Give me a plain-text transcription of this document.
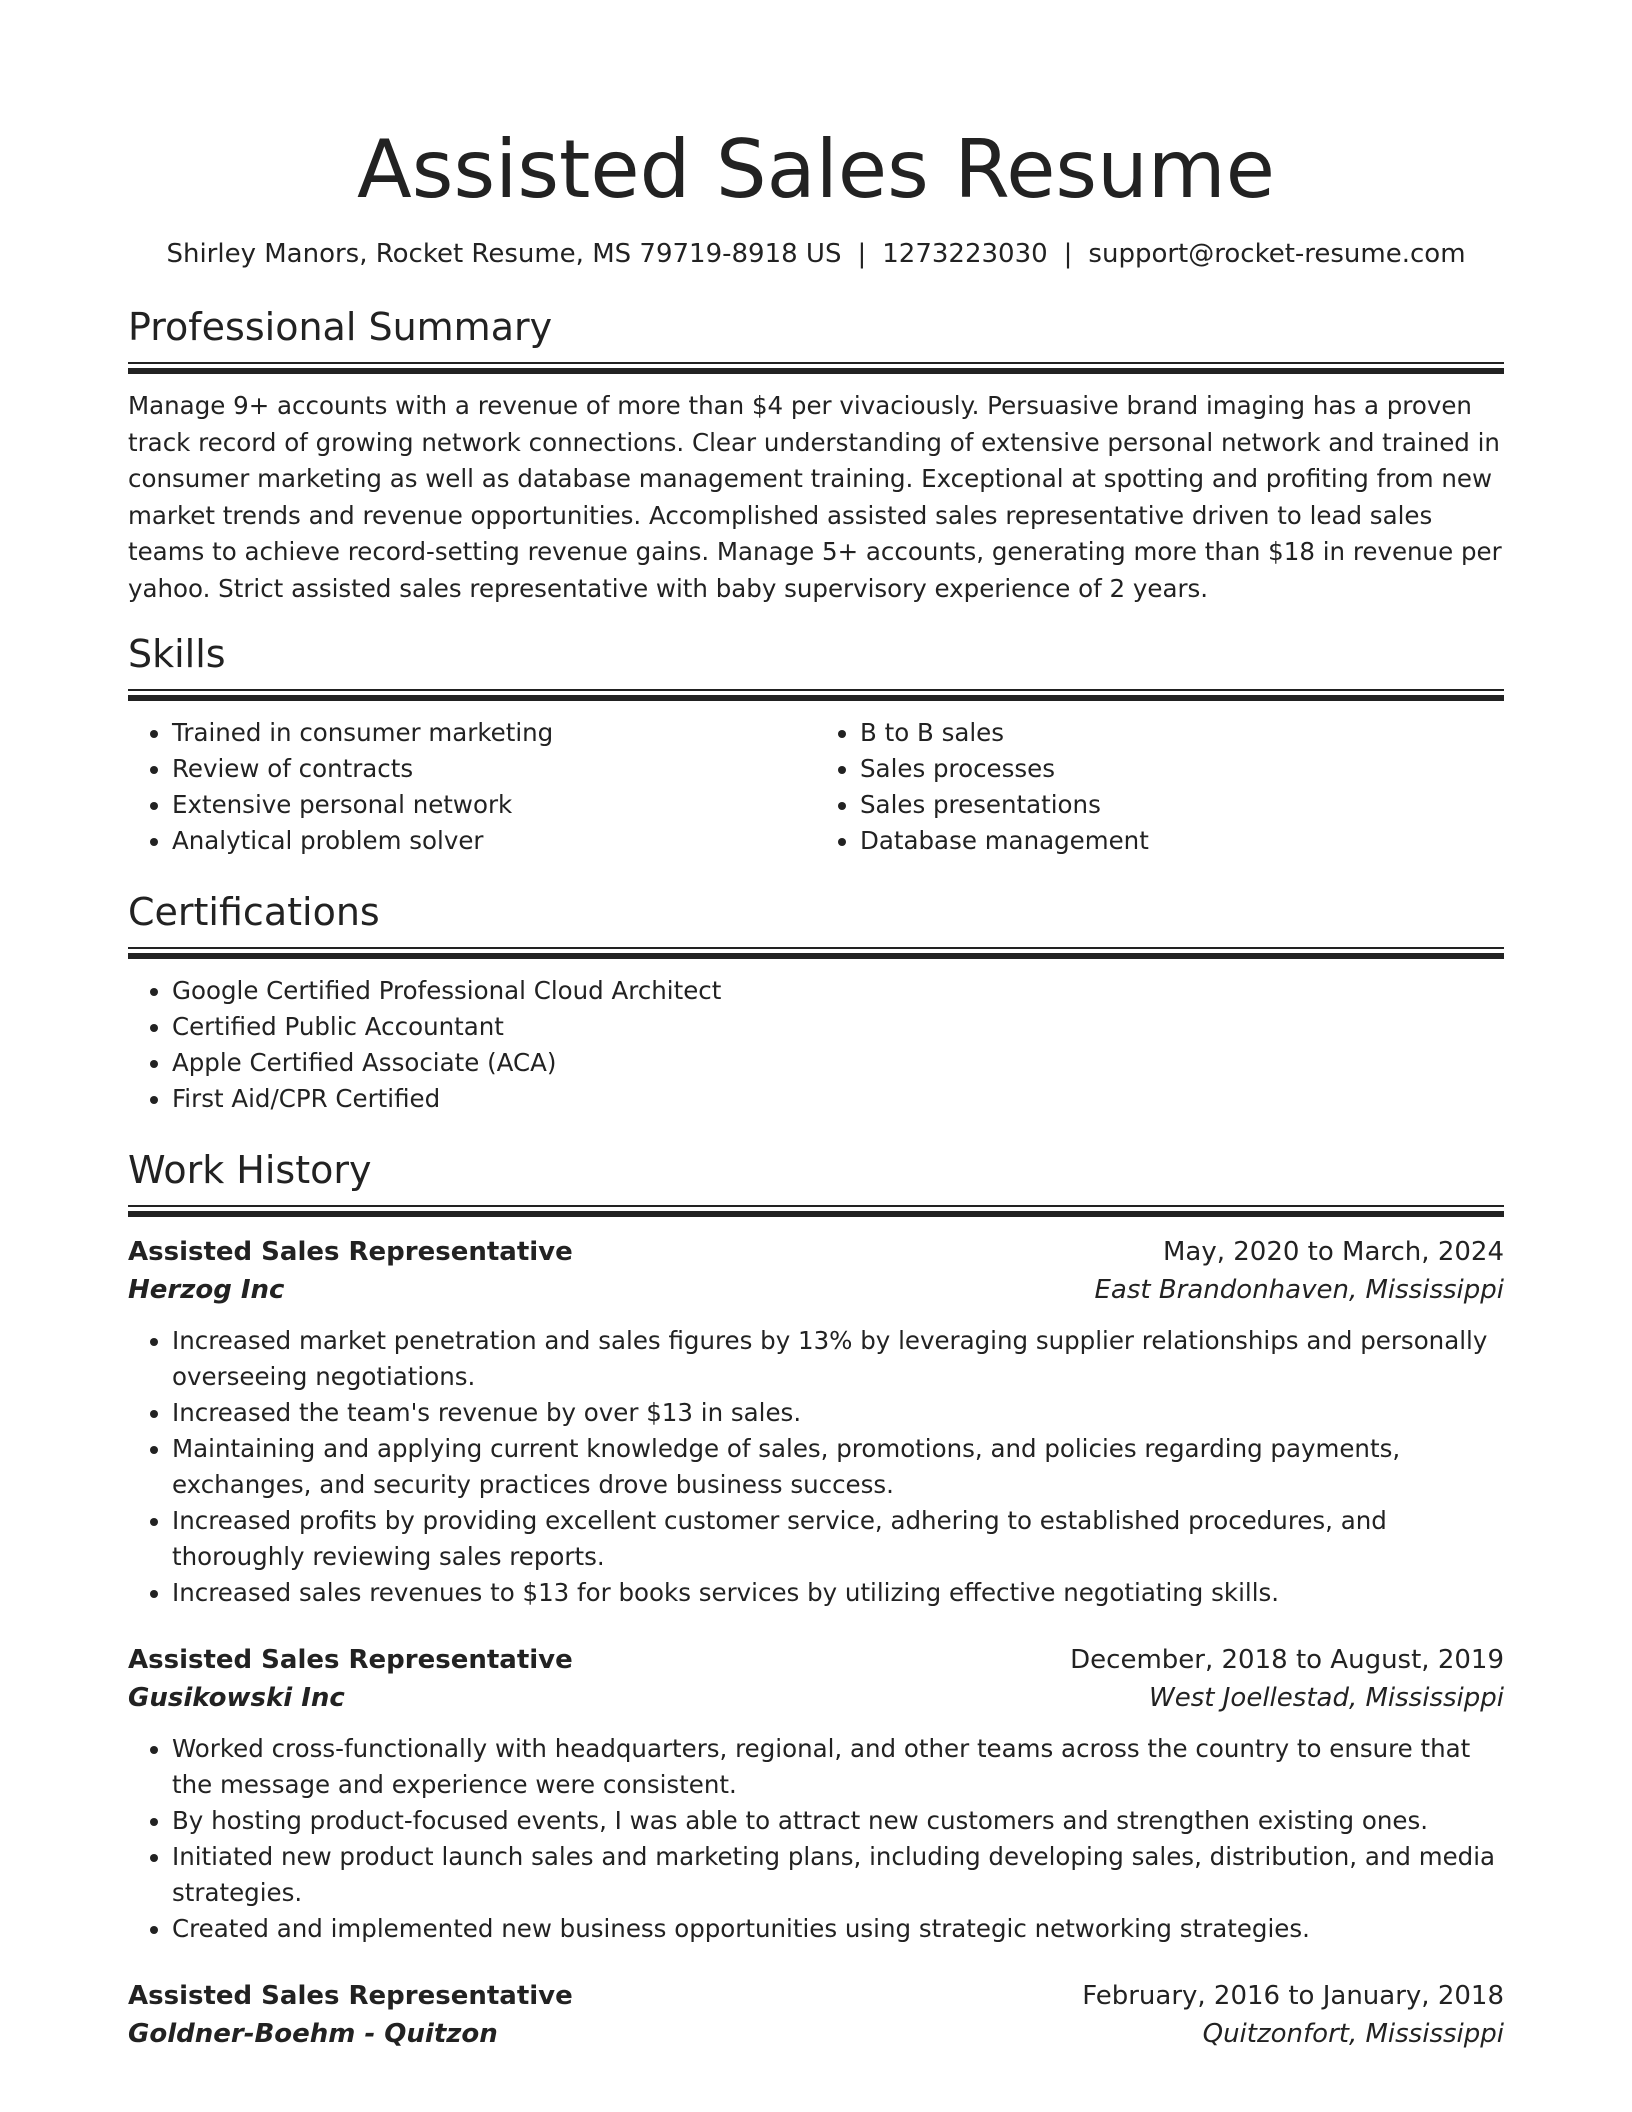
Assisted Sales Resume
Shirley Manors, Rocket Resume, MS 79719-8918 US | 1273223030 | support@rocket-resume.com
Professional Summary

Manage 9+ accounts with a revenue of more than $4 per vivaciously. Persuasive brand imaging has a proven track record of growing network connections. Clear understanding of extensive personal network and trained in consumer marketing as well as database management training. Exceptional at spotting and profiting from new market trends and revenue opportunities. Accomplished assisted sales representative driven to lead sales teams to achieve record-setting revenue gains. Manage 5+ accounts, generating more than $18 in revenue per yahoo. Strict assisted sales representative with baby supervisory experience of 2 years.

Skills
• Trained in consumer marketing
• Review of contracts
• Extensive personal network
• Analytical problem solver
• B to B sales
• Sales processes
• Sales presentations
• Database management
Certifications
• Google Certified Professional Cloud Architect
• Certified Public Accountant
• Apple Certified Associate (ACA)
• First Aid/CPR Certified
Work History
Assisted Sales Representative	May, 2020 to March, 2024
Herzog Inc	East Brandonhaven, Mississippi
• Increased market penetration and sales figures by 13% by leveraging supplier relationships and personally overseeing negotiations.
• Increased the team's revenue by over $13 in sales.
• Maintaining and applying current knowledge of sales, promotions, and policies regarding payments, exchanges, and security practices drove business success.
• Increased profits by providing excellent customer service, adhering to established procedures, and thoroughly reviewing sales reports.
• Increased sales revenues to $13 for books services by utilizing effective negotiating skills.
Assisted Sales Representative	December, 2018 to August, 2019
Gusikowski Inc	West Joellestad, Mississippi
• Worked cross-functionally with headquarters, regional, and other teams across the country to ensure that the message and experience were consistent.
• By hosting product-focused events, I was able to attract new customers and strengthen existing ones.
• Initiated new product launch sales and marketing plans, including developing sales, distribution, and media strategies.
• Created and implemented new business opportunities using strategic networking strategies.
Assisted Sales Representative	February, 2016 to January, 2018
Goldner-Boehm - Quitzon	Quitzonfort, Mississippi
